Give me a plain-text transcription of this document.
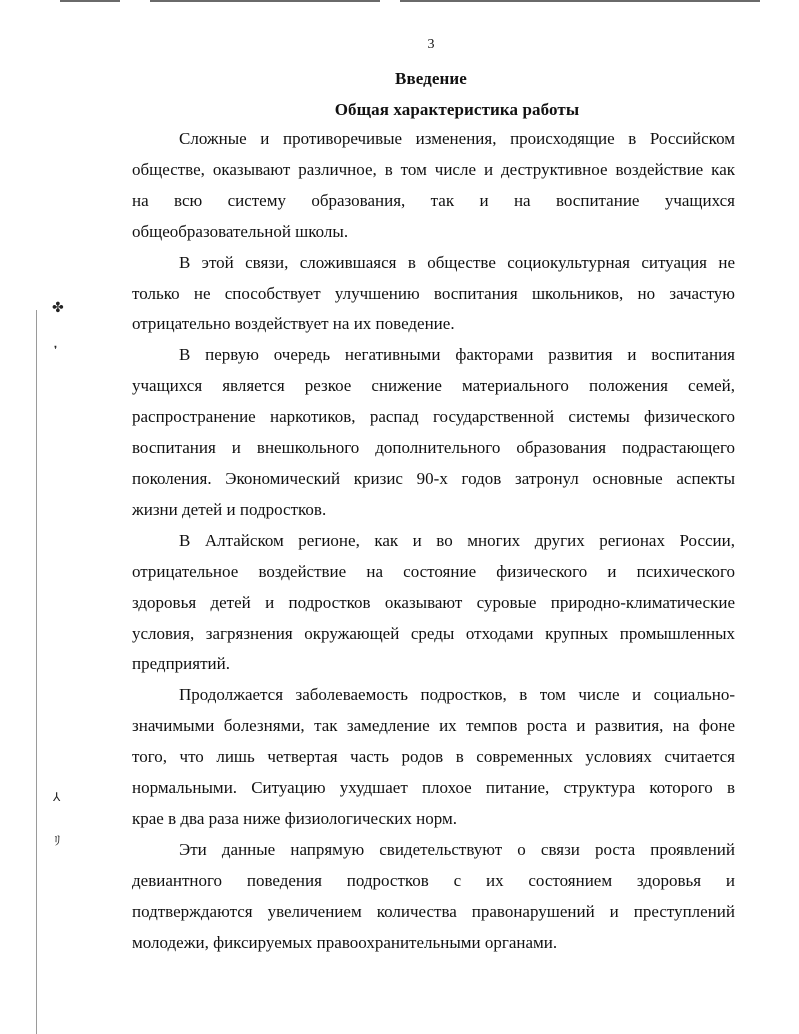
✤
❜
⅄
ﾘ
3
Введение
Общая характеристика работы

Сложные и противоречивые изменения, происходящие в Российском
обществе, оказывают различное, в том числе и деструктивное воздействие как
на всю систему образования, так и на воспитание учащихся
общеобразовательной школы.

В этой связи, сложившаяся в обществе социокультурная ситуация не
только не способствует улучшению воспитания школьников, но зачастую
отрицательно воздействует на их поведение.

В первую очередь негативными факторами развития и воспитания
учащихся является резкое снижение материального положения семей,
распространение наркотиков, распад государственной системы физического
воспитания и внешкольного дополнительного образования подрастающего
поколения. Экономический кризис 90-х годов затронул основные аспекты
жизни детей и подростков.

В Алтайском регионе, как и во многих других регионах России,
отрицательное воздействие на состояние физического и психического
здоровья детей и подростков оказывают суровые природно-климатические
условия, загрязнения окружающей среды отходами крупных промышленных
предприятий.

Продолжается заболеваемость подростков, в том числе и социально-
значимыми болезнями, так замедление их темпов роста и развития, на фоне
того, что лишь четвертая часть родов в современных условиях считается
нормальными. Ситуацию ухудшает плохое питание, структура которого в
крае в два раза ниже физиологических норм.

Эти данные напрямую свидетельствуют о связи роста проявлений
девиантного поведения подростков с их состоянием здоровья и
подтверждаются увеличением количества правонарушений и преступлений
молодежи, фиксируемых правоохранительными органами.
